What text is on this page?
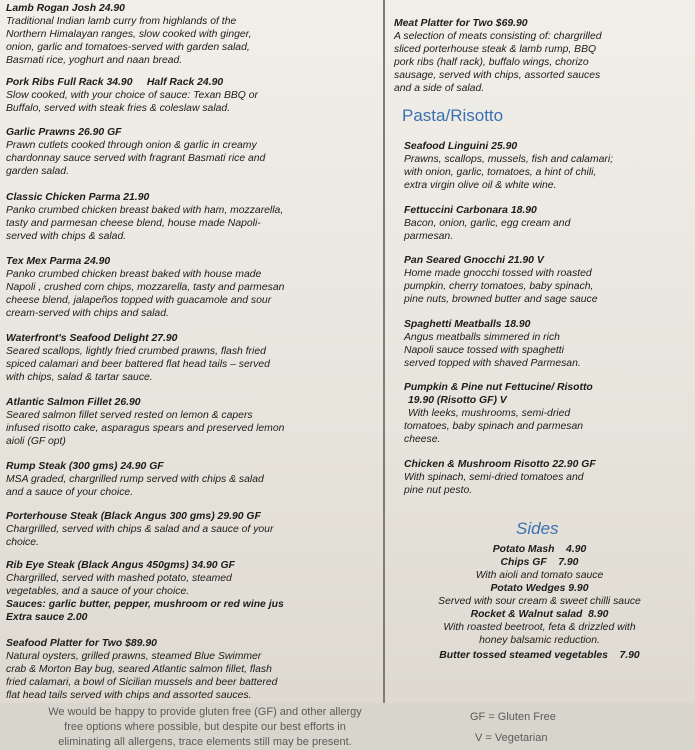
Lamb Rogan Josh 24.90
Traditional Indian lamb curry from highlands of the
Northern Himalayan ranges, slow cooked with ginger,
onion, garlic and tomatoes-served with garden salad,
Basmati rice, yoghurt and naan bread.
Pork Ribs Full Rack 34.90     Half Rack 24.90
Slow cooked, with your choice of sauce: Texan BBQ or
Buffalo, served with steak fries & coleslaw salad.
Garlic Prawns 26.90 GF
Prawn cutlets cooked through onion & garlic in creamy
chardonnay sauce served with fragrant Basmati rice and
garden salad.
Classic Chicken Parma 21.90
Panko crumbed chicken breast baked with ham, mozzarella,
tasty and parmesan cheese blend, house made Napoli-
served with chips & salad.
Tex Mex Parma 24.90
Panko crumbed chicken breast baked with house made
Napoli , crushed corn chips, mozzarella, tasty and parmesan
cheese blend, jalapeños topped with guacamole and sour
cream-served with chips and salad.
Waterfront's Seafood Delight 27.90
Seared scallops, lightly fried crumbed prawns, flash fried
spiced calamari and beer battered flat head tails – served
with chips, salad & tartar sauce.
Atlantic Salmon Fillet 26.90
Seared salmon fillet served rested on lemon & capers
infused risotto cake, asparagus spears and preserved lemon
aioli (GF opt)
Rump Steak (300 gms) 24.90 GF
MSA graded, chargrilled rump served with chips & salad
and a sauce of your choice.
Porterhouse Steak (Black Angus 300 gms) 29.90 GF
Chargrilled, served with chips & salad and a sauce of your
choice.
Rib Eye Steak (Black Angus 450gms) 34.90 GF
Chargrilled, served with mashed potato, steamed
vegetables, and a sauce of your choice.
Sauces: garlic butter, pepper, mushroom or red wine jus
Extra sauce 2.00
Seafood Platter for Two $89.90
Natural oysters, grilled prawns, steamed Blue Swimmer
crab & Morton Bay bug, seared Atlantic salmon fillet, flash
fried calamari, a bowl of Sicilian mussels and beer battered
flat head tails served with chips and assorted sauces.
Meat Platter for Two $69.90
A selection of meats consisting of: chargrilled
sliced porterhouse steak & lamb rump, BBQ
pork ribs (half rack), buffalo wings, chorizo
sausage, served with chips, assorted sauces
and a side of salad.
Pasta/Risotto
Seafood Linguini 25.90
Prawns, scallops, mussels, fish and calamari;
with onion, garlic, tomatoes, a hint of chili,
extra virgin olive oil & white wine.
Fettuccini Carbonara 18.90
Bacon, onion, garlic, egg cream and
parmesan.
Pan Seared Gnocchi 21.90 V
Home made gnocchi tossed with roasted
pumpkin, cherry tomatoes, baby spinach,
pine nuts, browned butter and sage sauce
Spaghetti Meatballs 18.90
Angus meatballs simmered in rich
Napoli sauce tossed with spaghetti
served topped with shaved Parmesan.
Pumpkin & Pine nut Fettucine/ Risotto
19.90 (Risotto GF) V
With leeks, mushrooms, semi-dried
tomatoes, baby spinach and parmesan
cheese.
Chicken & Mushroom Risotto 22.90 GF
With spinach, semi-dried tomatoes and
pine nut pesto.
Sides
Potato Mash    4.90
Chips GF    7.90
With aioli and tomato sauce
Potato Wedges 9.90
Served with sour cream & sweet chilli sauce
Rocket & Walnut salad  8.90
With roasted beetroot, feta & drizzled with
honey balsamic reduction.
Butter tossed steamed vegetables    7.90
We would be happy to provide gluten free (GF) and other allergy
free options where possible, but despite our best efforts in
eliminating all allergens, trace elements still may be present.
GF = Gluten Free
V = Vegetarian
